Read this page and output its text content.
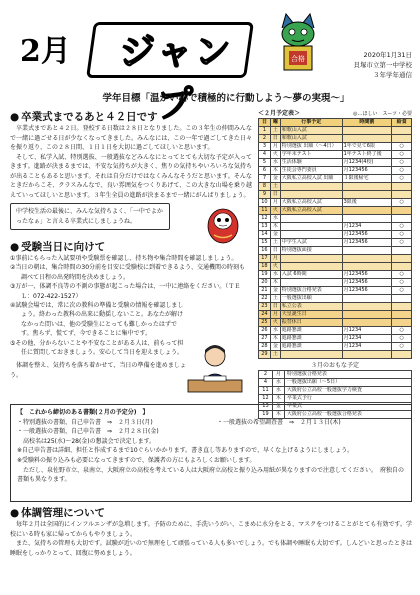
2月	ジャンプ
合格	2020年1月31日
貝塚市立第一中学校
３年学年通信
学年目標「温かい心で積極的に行動しよう～夢の実現～」
● 卒業式までるあと４２日です
卒業式まであと４２日。登校する日数は２８日となりました。この３年生の仲間みんなで一緒に過ごせる日が少なくなってきました。みんなには、この一年で過ごしてきた日々を振り返り、この２８日間、１日１日を大切に過ごしてほしいと思います。
そして、私学入試、特別選抜、一般選抜などみんなにとってとても大切な予定が入ってきます。進路が決まるまでは、不安な気持ちが大きく、焦りの気持ちやいろいろな気持ちが出ることもあると思います。それは自分だけではなくみんなそうだと思います。そんなときだからこそ、クラスみんなで、良い雰囲気をつくりあげて、この大きな山場を乗り越えていってほしいと思います。３年生全員の進路が決まるまで一緒にがんばりましょう。
中学校生活の最後に、みんな気持ちよく、「一中でよかったなぁ」と言える卒業式にしましょうね。
● 受験当日に向けて
①事前にもらった入試要項や受験票を確認し、持ち物や集合時間を確認しましょう。
②当日の朝は、集合時間の30分前を目安に受験校に到着できるよう、交通機関の時刻も調べて日程の出発時間を決めましょう。
③万が一、体調不良等の不測の事態が起こった場合は、一中に連絡をください。（ＴＥＬ：072-422-1527）
④試験会場では、常に次の教科の準備と受験の情報を確認しましょう。終わった教科の出来に動揺しないこと。あなたが解けなかった問いは、他の受験生にとっても難しかったはずです。焦らず、慌てず、今できることに集中です。
⑤その他、分からないことや不安なことがある人は、前もって担任に質問しておきましょう。安心して当日を迎えましょう。
体調を整え、気持ちを落ち着かせて、当日の準備を進めましょう。
＜２月予定表＞	◎…ほしい　スーツ・必要
日	曜	行事予定	時間割	給食
1	土	和歌山入試		
2	日	和歌山入試		
3	月	特別選抜 出願（～4日）	1年で見て6限	○
4	火	学年末テスト	1年テスト終了後	○
5	水	生活体験	月1234(4校)	○
6	木	生徒会専門委員	月123456	○
7	金	大阪私立高校入試 出願	１限後帰宅	○
8	土			
9	日			
10	月	大阪私立高校入試	3限後	○
11	火	大阪私立高校入試		
12	水			
13	木		月1234	○
14	金		月123456	○
15	土	中学生入試	月123456	○
16	日	特別選抜面接		
17	月			
18	火			
19	水	入試 6時間	月123456	○
20	木		月123456	○
21	金	特別選抜合格発表	月123456	○
22	土	一般選抜出願		
23	日	私立公表		
24	月	天皇誕生日		
25	火	振替休日		
26	水	進路懇談	月1234	○
27	木	進路懇談	月1234	○
28	金	進路懇談	月1234	○
29	土			
３月のおもな予定
2	月	特別選抜合格発表
4	水	一般選抜出願（～5日）
11	水	大阪府公立高校一般選抜学力検査
12	木	卒業式予行
13	金	卒業式
19	木	大阪府公立高校一般選抜合格発表
【　これから締切のある書類(２月の予定分)　】
・特別選抜の書類、自己申告書　⇒　２月３日(月)	・一般選抜の希望調査書　⇒　２月１３日(木)
・一般選抜の書類、自己申告書　⇒　２月２８日(金)
　高校名は25(水)〜28(金)の懇談会で決定します。
※自己申告書は詳細、担任と作成するまで10ぐらいかかります。書き直し等ありますので、早くな上げるようにしましょう。
※受験料の振り込みも必要になってきますので、保護者の方にもよろしくお願いします。
　ただし、泉佐野市立、泉南立、大阪府立の高校を考えている人は大阪府立高校と振り込み用紙が異なりますので注意してください。　府独自の書類も異なります。
● 体調管理について
毎年２月は全国的にインフルエンザが急増します。予防のために、手洗いうがい、こまめに水分をとる、マスクをつけることがとても有効です。学校にいる時も家に帰ってからもやりましょう。
また、気持ちの管理も大切です。試験が近いので無理をして頑張っている人も多いでしょう。でも体調や睡眠も大切です。しんどいと思ったときは睡眠をしっかりとって、回復に努めましょう。
